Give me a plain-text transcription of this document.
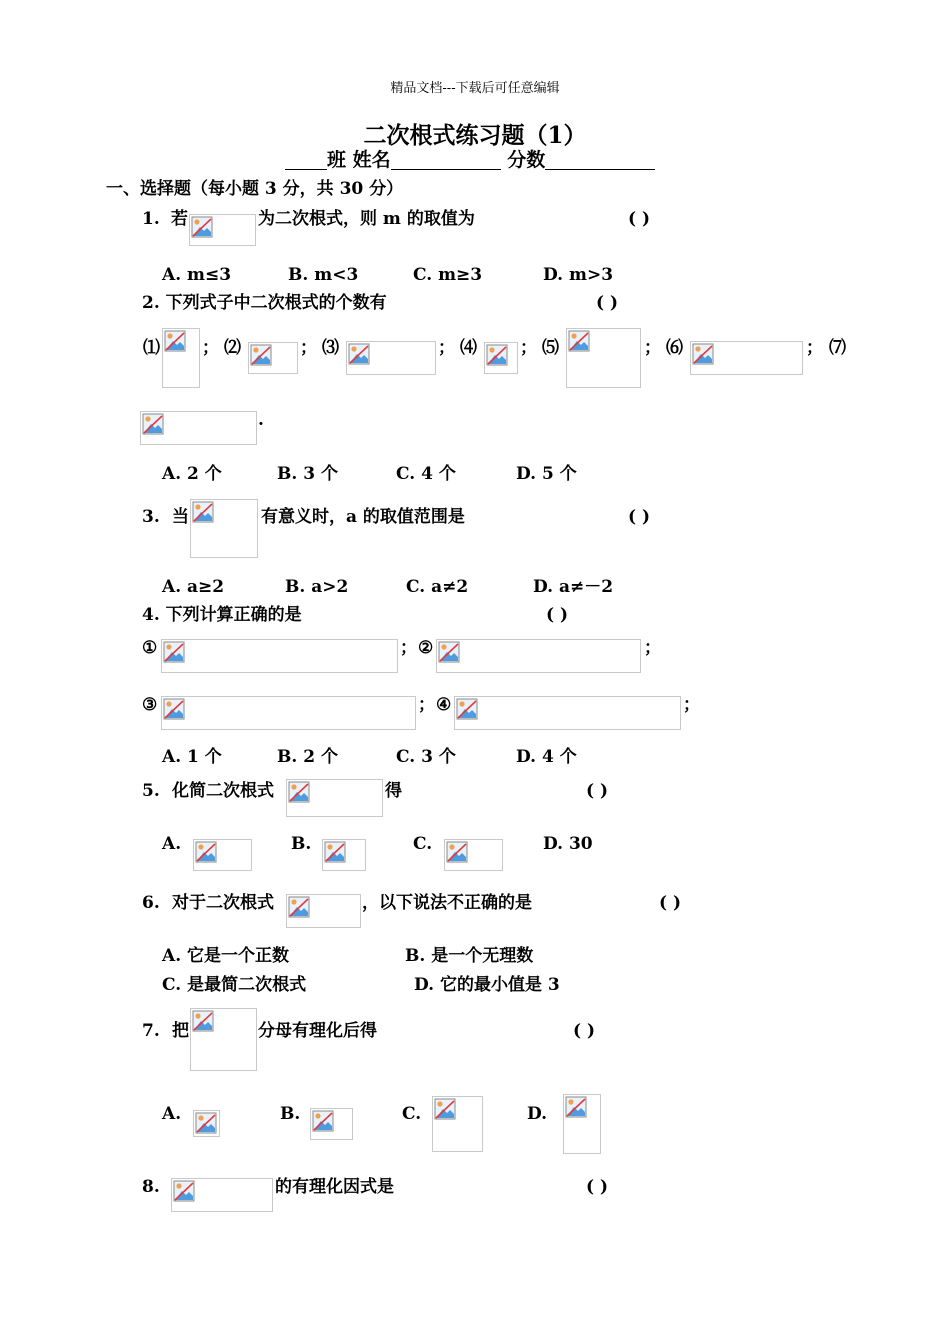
精品文档---下载后可任意编辑
二次根式练习题（1）
班 姓名	分数
一、选择题（每小题 3 分，共 30 分）
1. 若	为二次根式，则 m 的取值为	( )
A. m≤3	B. m<3	C. m≥3	D. m>3
2. 下列式子中二次根式的个数有	( )
⑴ ； ⑵	； ⑶	； ⑷	； ⑸	； ⑹	； ⑺
.
A. 2 个	B. 3 个	C. 4 个	D. 5 个
3. 当	有意义时，a 的取值范围是	( )
A. a≥2	B. a>2	C. a≠2	D. a≠－2
4. 下列计算正确的是	( )
①	； ②	；
③	； ④	；
A. 1 个	B. 2 个	C. 3 个	D. 4 个
5. 化简二次根式	得	( )
A.	B.	C.	D. 30
6. 对于二次根式	，以下说法不正确的是	( )
A. 它是一个正数	B. 是一个无理数
C. 是最简二次根式	D. 它的最小值是 3
7. 把	分母有理化后得	( )
A.	B.	C.	D.
8.	的有理化因式是	( )
